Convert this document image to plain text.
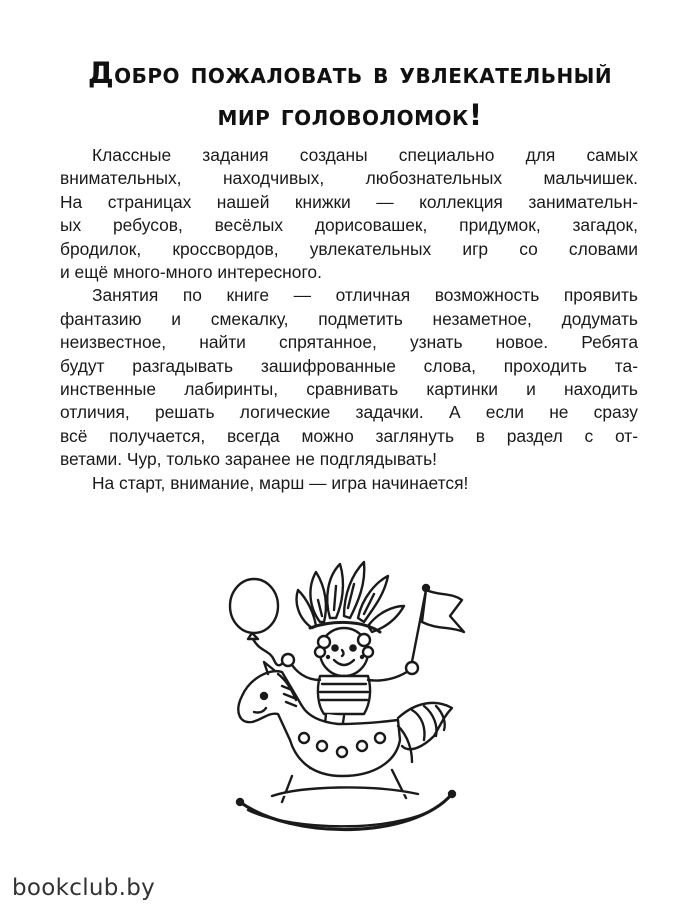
Добро пожаловать в увлекательный
мир головоломок!
Классные задания созданы специально для самых
внимательных, находчивых, любознательных мальчишек.
На страницах нашей книжки — коллекция занимательн-
ых ребусов, весёлых дорисовашек, придумок, загадок,
бродилок, кроссвордов, увлекательных игр со словами
и ещё много-много интересного.
Занятия по книге — отличная возможность проявить
фантазию и смекалку, подметить незаметное, додумать
неизвестное, найти спрятанное, узнать новое. Ребята
будут разгадывать зашифрованные слова, проходить та-
инственные лабиринты, сравнивать картинки и находить
отличия, решать логические задачки. А если не сразу
всё получается, всегда можно заглянуть в раздел с от-
ветами. Чур, только заранее не подглядывать!
На старт, внимание, марш — игра начинается!
bookclub.by
